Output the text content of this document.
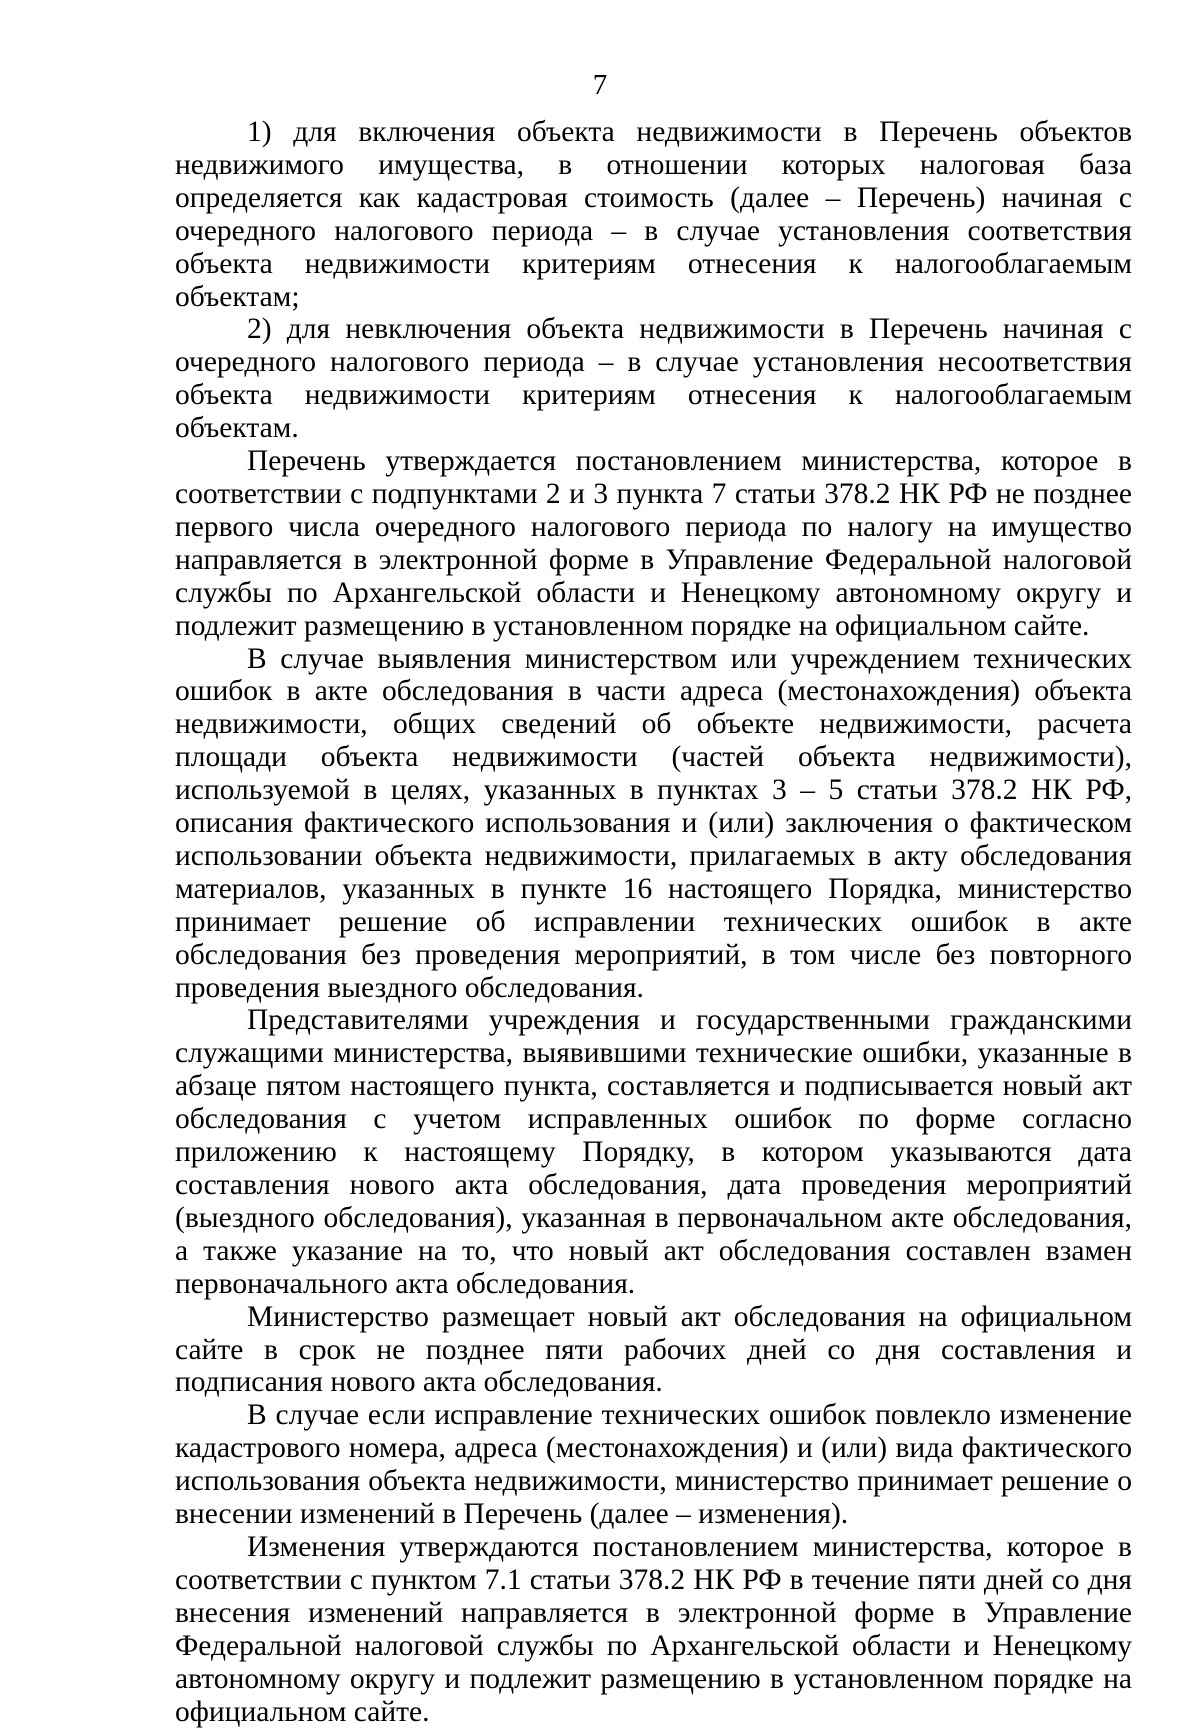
7

1) для включения объекта недвижимости в Перечень объектов недвижимого имущества, в отношении которых налоговая база определяется как кадастровая стоимость (далее – Перечень) начиная с очередного налогового периода – в случае установления соответствия объекта недвижимости критериям отнесения к налогооблагаемым объектам;

2) для невключения объекта недвижимости в Перечень начиная с очередного налогового периода – в случае установления несоответствия объекта недвижимости критериям отнесения к налогооблагаемым объектам.

Перечень утверждается постановлением министерства, которое в соответствии с подпунктами 2 и 3 пункта 7 статьи 378.2 НК РФ не позднее первого числа очередного налогового периода по налогу на имущество направляется в электронной форме в Управление Федеральной налоговой службы по Архангельской области и Ненецкому автономному округу и подлежит размещению в установленном порядке на официальном сайте.

В случае выявления министерством или учреждением технических ошибок в акте обследования в части адреса (местонахождения) объекта недвижимости, общих сведений об объекте недвижимости, расчета площади объекта недвижимости (частей объекта недвижимости), используемой в целях, указанных в пунктах 3 – 5 статьи 378.2 НК РФ, описания фактического использования и (или) заключения о фактическом использовании объекта недвижимости, прилагаемых в акту обследования материалов, указанных в пункте 16 настоящего Порядка, министерство принимает решение об исправлении технических ошибок в акте обследования без проведения мероприятий, в том числе без повторного проведения выездного обследования.

Представителями учреждения и государственными гражданскими служащими министерства, выявившими технические ошибки, указанные в абзаце пятом настоящего пункта, составляется и подписывается новый акт обследования с учетом исправленных ошибок по форме согласно приложению к настоящему Порядку, в котором указываются дата составления нового акта обследования, дата проведения мероприятий (выездного обследования), указанная в первоначальном акте обследования, а также указание на то, что новый акт обследования составлен взамен первоначального акта обследования.

Министерство размещает новый акт обследования на официальном сайте в срок не позднее пяти рабочих дней со дня составления и подписания нового акта обследования.

В случае если исправление технических ошибок повлекло изменение кадастрового номера, адреса (местонахождения) и (или) вида фактического использования объекта недвижимости, министерство принимает решение о внесении изменений в Перечень (далее – изменения).

Изменения утверждаются постановлением министерства, которое в соответствии с пунктом 7.1 статьи 378.2 НК РФ в течение пяти дней со дня внесения изменений направляется в электронной форме в Управление Федеральной налоговой службы по Архангельской области и Ненецкому автономному округу и подлежит размещению в установленном порядке на официальном сайте.
